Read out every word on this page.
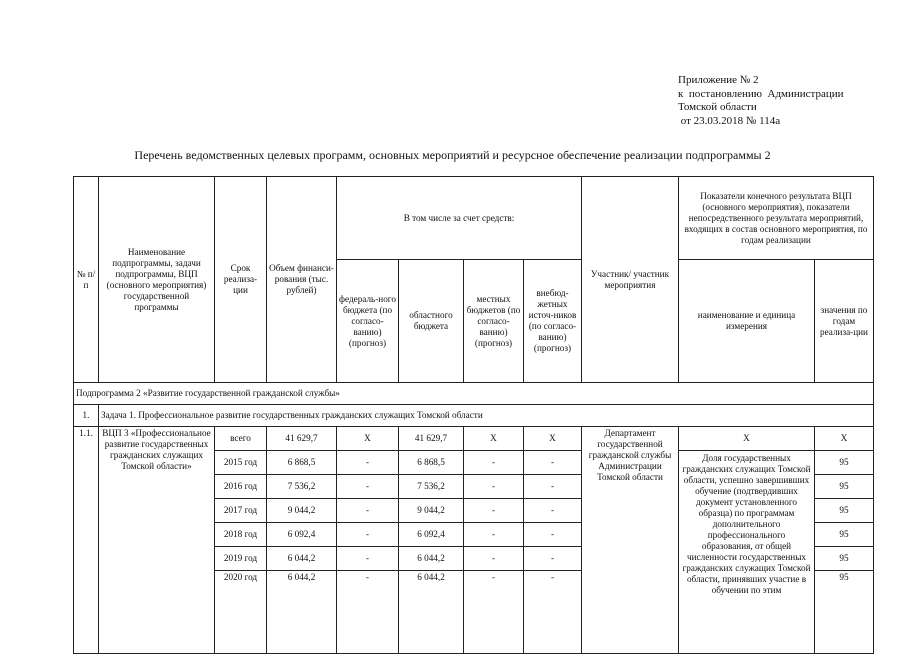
Приложение № 2
к  постановлению  Администрации
Томской области
от 23.03.2018 № 114а
Перечень ведомственных целевых программ, основных мероприятий и ресурсное обеспечение реализации подпрограммы 2
№ п/п	Наименование подпрограммы, задачи подпрограммы, ВЦП (основного мероприятия) государственной программы	Срок реализа-ции	Объем финанси-рования (тыс. рублей)	В том числе за счет средств:				Участник/ участник мероприятия	Показатели конечного результата ВЦП (основного мероприятия), показатели непосредственного результата мероприятий, входящих в состав основного мероприятия, по годам реализации	
				федераль-ного бюджета (по согласо-ванию) (прогноз)	областного бюджета	местных бюджетов (по согласо-ванию) (прогноз)	внебюд-жетных источ-ников (по согласо-ванию) (прогноз)		наименование и единица измерения	значения по годам реализа-ции
Подпрограмма 2 «Развитие государственной гражданской службы»										
1.	Задача 1. Профессиональное развитие государственных гражданских служащих Томской области									
1.1.	ВЦП 3 «Профессиональное развитие государственных гражданских служащих Томской области»	всего	41 629,7	Х	41 629,7	Х	Х	Департамент государственной гражданской службы Администрации Томской области	Х	Х
		2015 год	6 868,5	-	6 868,5	-	-		Доля государственных гражданских служащих Томской области, успешно завершивших обучение (подтвердивших документ установленного образца) по программам дополнительного профессионального образования, от общей численности государственных гражданских служащих Томской области, принявших участие в обучении по этим	95
		2016 год	7 536,2	-	7 536,2	-	-			95
		2017 год	9 044,2	-	9 044,2	-	-			95
		2018 год	6 092,4	-	6 092,4	-	-			95
		2019 год	6 044,2	-	6 044,2	-	-			95
		2020 год	6 044,2	-	6 044,2	-	-			95
